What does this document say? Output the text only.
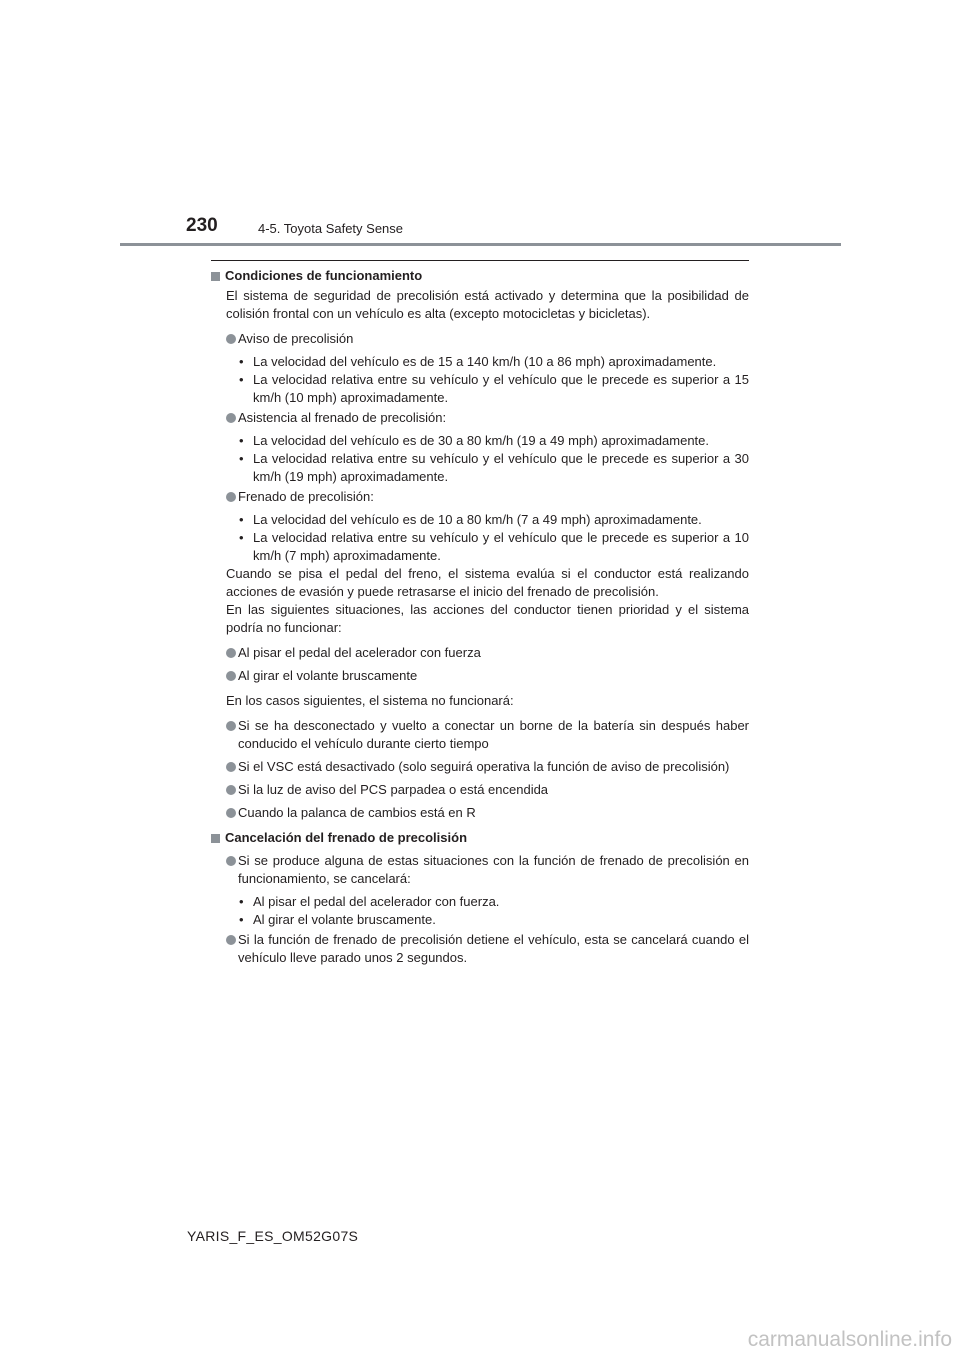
230	4-5. Toyota Safety Sense
Condiciones de funcionamiento
El sistema de seguridad de precolisión está activado y determina que la posibilidad de colisión frontal con un vehículo es alta (excepto motocicletas y bicicletas).
Aviso de precolisión
• La velocidad del vehículo es de 15 a 140 km/h (10 a 86 mph) aproximadamente.
• La velocidad relativa entre su vehículo y el vehículo que le precede es superior a 15 km/h (10 mph) aproximadamente.
Asistencia al frenado de precolisión:
• La velocidad del vehículo es de 30 a 80 km/h (19 a 49 mph) aproximadamente.
• La velocidad relativa entre su vehículo y el vehículo que le precede es superior a 30 km/h (19 mph) aproximadamente.
Frenado de precolisión:
• La velocidad del vehículo es de 10 a 80 km/h (7 a 49 mph) aproximadamente.
• La velocidad relativa entre su vehículo y el vehículo que le precede es superior a 10 km/h (7 mph) aproximadamente.
Cuando se pisa el pedal del freno, el sistema evalúa si el conductor está realizando acciones de evasión y puede retrasarse el inicio del frenado de precolisión.
En las siguientes situaciones, las acciones del conductor tienen prioridad y el sistema podría no funcionar:
Al pisar el pedal del acelerador con fuerza
Al girar el volante bruscamente
En los casos siguientes, el sistema no funcionará:
Si se ha desconectado y vuelto a conectar un borne de la batería sin después haber conducido el vehículo durante cierto tiempo
Si el VSC está desactivado (solo seguirá operativa la función de aviso de precolisión)
Si la luz de aviso del PCS parpadea o está encendida
Cuando la palanca de cambios está en R
Cancelación del frenado de precolisión
Si se produce alguna de estas situaciones con la función de frenado de precolisión en funcionamiento, se cancelará:
• Al pisar el pedal del acelerador con fuerza.
• Al girar el volante bruscamente.
Si la función de frenado de precolisión detiene el vehículo, esta se cancelará cuando el vehículo lleve parado unos 2 segundos.
YARIS_F_ES_OM52G07S
carmanualsonline.info
